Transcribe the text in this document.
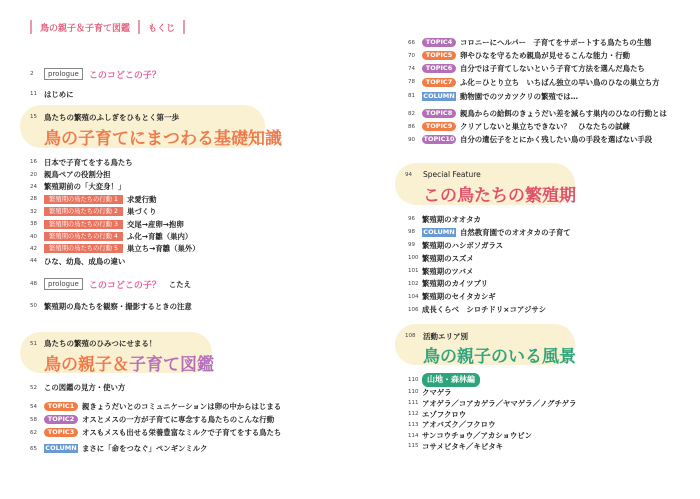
鳥の親子＆子育て図鑑 もくじ
2	prologue	このコどこの子？
11 はじめに
15 鳥たちの繁殖のふしぎをひもとく第一歩
鳥の子育てにまつわる基礎知識
16 日本で子育てをする鳥たち
20 親鳥ペアの役割分担
24 繁殖期前の「大変身！」
28	繁殖期の鳥たちの行動 1	求愛行動
32	繁殖期の鳥たちの行動 2	巣づくり
38	繁殖期の鳥たちの行動 3	交尾→産卵→抱卵
40	繁殖期の鳥たちの行動 4	ふ化→育雛（巣内）
42	繁殖期の鳥たちの行動 5	巣立ち→育雛（巣外）
44 ひな、幼鳥、成鳥の違い
48	prologue	このコどこの子？ こたえ
50 繁殖期の鳥たちを観察・撮影するときの注意
51 鳥たちの繁殖のひみつにせまる！
鳥の親子＆子育て図鑑
52 この図鑑の見方・使い方
54	TOPIC1	親きょうだいとのコミュニケーションは卵の中からはじまる
58	TOPIC2	オスとメスの一方が子育てに専念する鳥たちのこんな行動
62	TOPIC3	オスもメスも出せる栄養豊富なミルクで子育てをする鳥たち
65	COLUMN まさに「命をつなぐ」ペンギンミルク
66	TOPIC4	コロニーにヘルパー　子育てをサポートする鳥たちの生態
70	TOPIC5	卵やひなを守るため親鳥が見せるこんな能力・行動
74	TOPIC6	自分では子育てしないという子育て方法を選んだ鳥たち
78	TOPIC7	ふ化＝ひとり立ち　いちばん独立の早い鳥のひなの巣立ち方
81	COLUMN 動物園でのツカツクリの繁殖では…
82	TOPIC8	親鳥からの給餌のきょうだい差を減らす巣内のひなの行動とは
86	TOPIC9	クリアしないと巣立ちできない？　ひなたちの試練
90	TOPIC10 自分の遺伝子をとにかく残したい鳥の手段を選ばない手段
94	Special Feature
この鳥たちの繁殖期
96 繁殖期のオオタカ
98	COLUMN 自然教育園でのオオタカの子育て
99 繁殖期のハシボソガラス
100 繁殖期のスズメ
101 繁殖期のツバメ
102 繁殖期のカイツブリ
104 繁殖期のセイタカシギ
106 成長くらべ　シロチドリ×コアジサシ
108	活動エリア別
鳥の親子のいる風景
110	山地・森林編
110 クマゲラ
111 アオゲラ／コアカゲラ／ヤマゲラ／ノグチゲラ
112 エゾフクロウ
113 アオバズク／フクロウ
114 サンコウチョウ／アカショウビン
115 コサメビタキ／キビタキ
